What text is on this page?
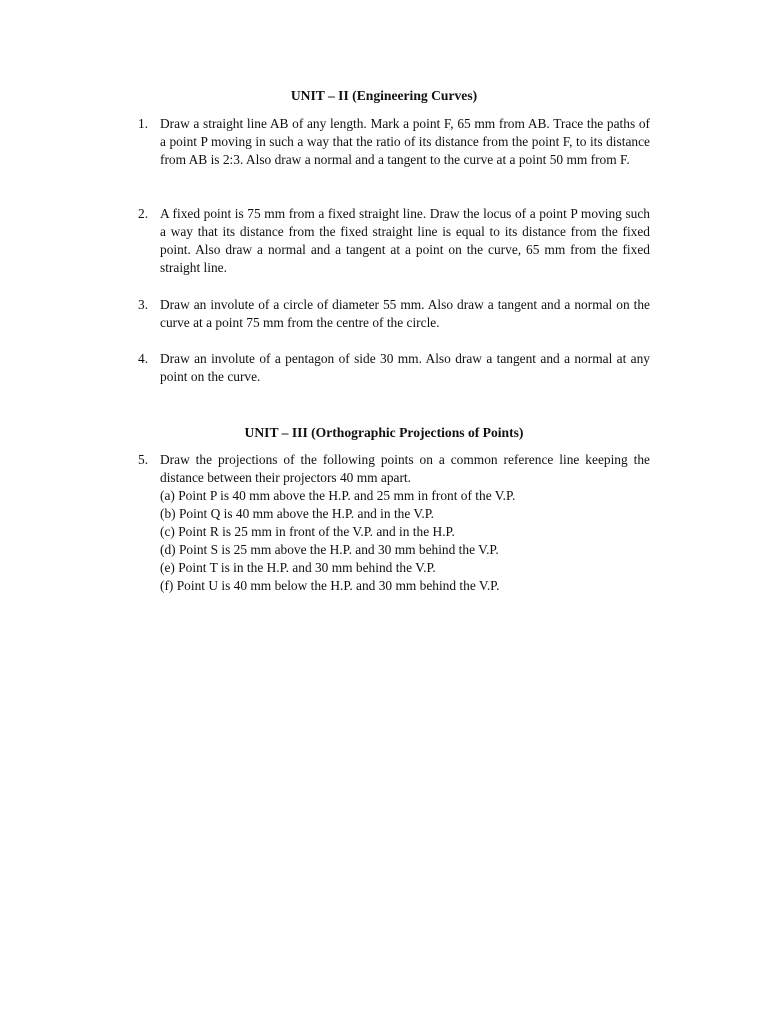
UNIT – II (Engineering Curves)
1. Draw a straight line AB of any length. Mark a point F, 65 mm from AB. Trace the paths of a point P moving in such a way that the ratio of its distance from the point F, to its distance from AB is 2:3. Also draw a normal and a tangent to the curve at a point 50 mm from F.
2. A fixed point is 75 mm from a fixed straight line. Draw the locus of a point P moving such a way that its distance from the fixed straight line is equal to its distance from the fixed point. Also draw a normal and a tangent at a point on the curve, 65 mm from the fixed straight line.
3. Draw an involute of a circle of diameter 55 mm. Also draw a tangent and a normal on the curve at a point 75 mm from the centre of the circle.
4. Draw an involute of a pentagon of side 30 mm. Also draw a tangent and a normal at any point on the curve.
UNIT – III (Orthographic Projections of Points)
5. Draw the projections of the following points on a common reference line keeping the distance between their projectors 40 mm apart.
(a) Point P is 40 mm above the H.P. and 25 mm in front of the V.P.
(b) Point Q is 40 mm above the H.P. and in the V.P.
(c) Point R is 25 mm in front of the V.P. and in the H.P.
(d) Point S is 25 mm above the H.P. and 30 mm behind the V.P.
(e) Point T is in the H.P. and 30 mm behind the V.P.
(f) Point U is 40 mm below the H.P. and 30 mm behind the V.P.
